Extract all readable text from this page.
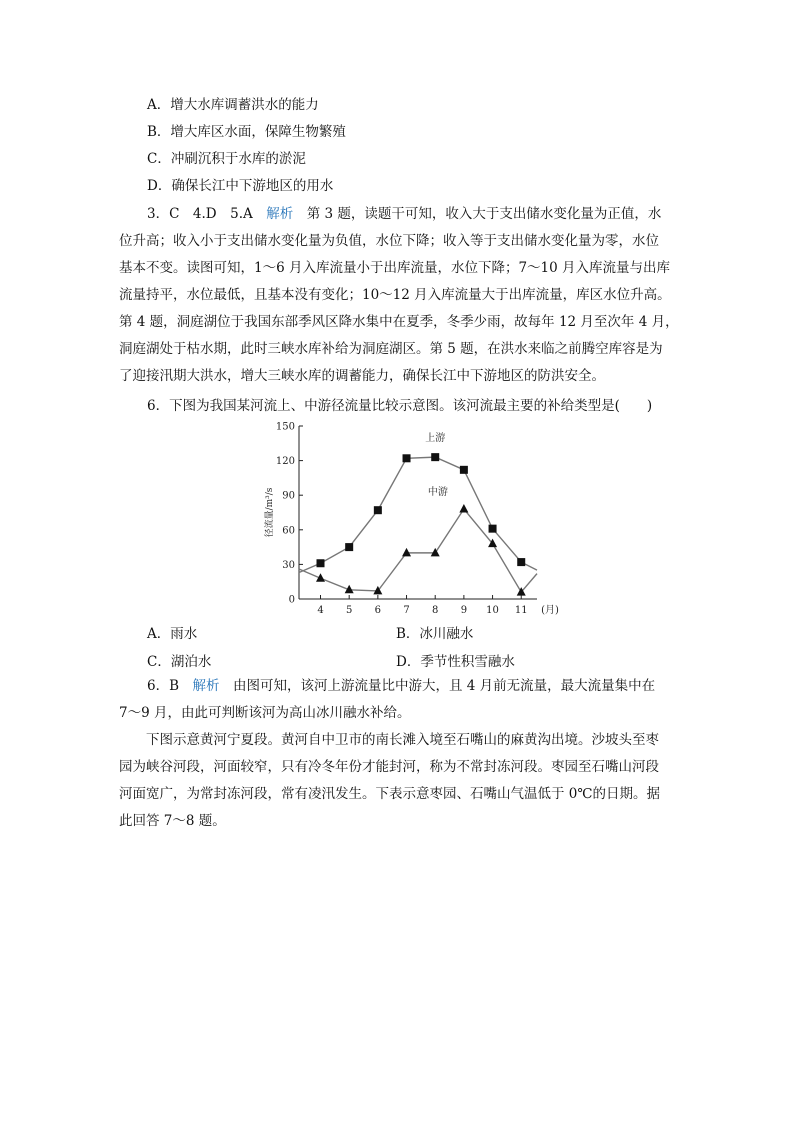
A．增大水库调蓄洪水的能力
B．增大库区水面，保障生物繁殖
C．冲刷沉积于水库的淤泥
D．确保长江中下游地区的用水
3．C　4.D　5.A　解析　第 3 题，读题干可知，收入大于支出储水变化量为正值，水
位升高；收入小于支出储水变化量为负值，水位下降；收入等于支出储水变化量为零，水位
基本不变。读图可知，1～6 月入库流量小于出库流量，水位下降；7～10 月入库流量与出库
流量持平，水位最低，且基本没有变化；10～12 月入库流量大于出库流量，库区水位升高。
第 4 题，洞庭湖位于我国东部季风区降水集中在夏季，冬季少雨，故每年 12 月至次年 4 月，
洞庭湖处于枯水期，此时三峡水库补给为洞庭湖区。第 5 题，在洪水来临之前腾空库容是为
了迎接汛期大洪水，增大三峡水库的调蓄能力，确保长江中下游地区的防洪安全。
6．下图为我国某河流上、中游径流量比较示意图。该河流最主要的补给类型是(　　)
0
30
60
90
120
150
4 5 6 7 8 9 10 11 (月)
径流量/m³/s
上游
中游
A．雨水	B．冰川融水
C．湖泊水	D．季节性积雪融水
6．B　解析　由图可知，该河上游流量比中游大，且 4 月前无流量，最大流量集中在
7～9 月，由此可判断该河为高山冰川融水补给。
　　下图示意黄河宁夏段。黄河自中卫市的南长滩入境至石嘴山的麻黄沟出境。沙坡头至枣
园为峡谷河段，河面较窄，只有冷冬年份才能封河，称为不常封冻河段。枣园至石嘴山河段
河面宽广，为常封冻河段，常有凌汛发生。下表示意枣园、石嘴山气温低于 0℃的日期。据
此回答 7～8 题。
